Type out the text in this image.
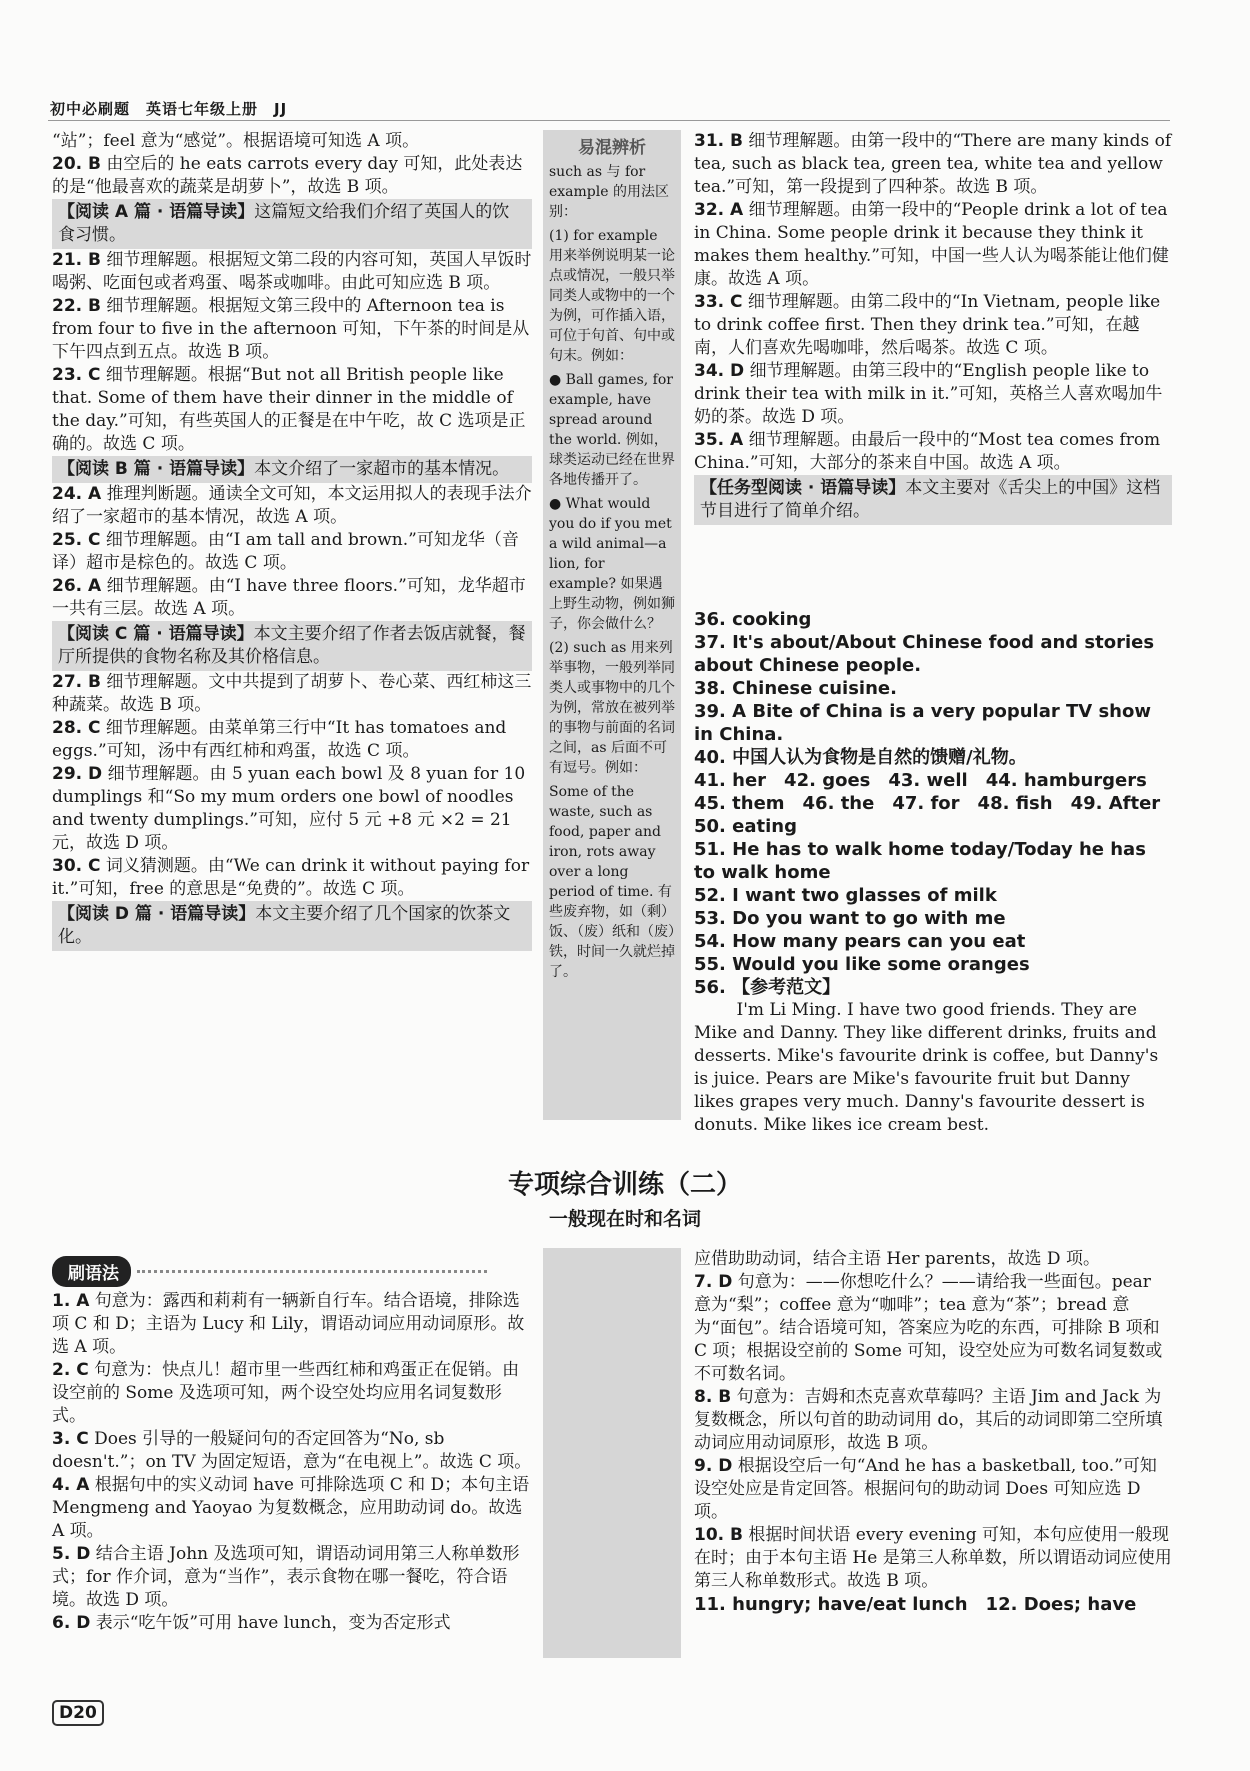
初中必刷题　英语七年级上册　JJ

“站”；feel 意为“感觉”。根据语境可知选 A 项。

20. B 由空后的 he eats carrots every day 可知，此处表达的是“他最喜欢的蔬菜是胡萝卜”，故选 B 项。

【阅读 A 篇 · 语篇导读】这篇短文给我们介绍了英国人的饮食习惯。

21. B 细节理解题。根据短文第二段的内容可知，英国人早饭时喝粥、吃面包或者鸡蛋、喝茶或咖啡。由此可知应选 B 项。

22. B 细节理解题。根据短文第三段中的 Afternoon tea is from four to five in the afternoon 可知，下午茶的时间是从下午四点到五点。故选 B 项。

23. C 细节理解题。根据“But not all British people like that. Some of them have their dinner in the middle of the day.”可知，有些英国人的正餐是在中午吃，故 C 选项是正确的。故选 C 项。

【阅读 B 篇 · 语篇导读】本文介绍了一家超市的基本情况。

24. A 推理判断题。通读全文可知，本文运用拟人的表现手法介绍了一家超市的基本情况，故选 A 项。

25. C 细节理解题。由“I am tall and brown.”可知龙华（音译）超市是棕色的。故选 C 项。

26. A 细节理解题。由“I have three floors.”可知，龙华超市一共有三层。故选 A 项。

【阅读 C 篇 · 语篇导读】本文主要介绍了作者去饭店就餐，餐厅所提供的食物名称及其价格信息。

27. B 细节理解题。文中共提到了胡萝卜、卷心菜、西红柿这三种蔬菜。故选 B 项。

28. C 细节理解题。由菜单第三行中“It has tomatoes and eggs.”可知，汤中有西红柿和鸡蛋，故选 C 项。

29. D 细节理解题。由 5 yuan each bowl 及 8 yuan for 10 dumplings 和“So my mum orders one bowl of noodles and twenty dumplings.”可知，应付 5 元 +8 元 ×2 = 21 元，故选 D 项。

30. C 词义猜测题。由“We can drink it without paying for it.”可知，free 的意思是“免费的”。故选 C 项。

【阅读 D 篇 · 语篇导读】本文主要介绍了几个国家的饮茶文化。

易混辨析

such as 与 for example 的用法区别：

(1) for example 用来举例说明某一论点或情况，一般只举同类人或物中的一个为例，可作插入语，可位于句首、句中或句末。例如：

● Ball games, for example, have spread around the world. 例如，球类运动已经在世界各地传播开了。

● What would you do if you met a wild animal—a lion, for example? 如果遇上野生动物，例如狮子，你会做什么？

(2) such as 用来列举事物，一般列举同类人或事物中的几个为例，常放在被列举的事物与前面的名词之间，as 后面不可有逗号。例如：

Some of the waste, such as food, paper and iron, rots away over a long period of time. 有些废弃物，如（剩）饭、（废）纸和（废）铁，时间一久就烂掉了。

31. B 细节理解题。由第一段中的“There are many kinds of tea, such as black tea, green tea, white tea and yellow tea.”可知，第一段提到了四种茶。故选 B 项。

32. A 细节理解题。由第一段中的“People drink a lot of tea in China. Some people drink it because they think it makes them healthy.”可知，中国一些人认为喝茶能让他们健康。故选 A 项。

33. C 细节理解题。由第二段中的“In Vietnam, people like to drink coffee first. Then they drink tea.”可知，在越南，人们喜欢先喝咖啡，然后喝茶。故选 C 项。

34. D 细节理解题。由第三段中的“English people like to drink their tea with milk in it.”可知，英格兰人喜欢喝加牛奶的茶。故选 D 项。

35. A 细节理解题。由最后一段中的“Most tea comes from China.”可知，大部分的茶来自中国。故选 A 项。

【任务型阅读 · 语篇导读】本文主要对《舌尖上的中国》这档节目进行了简单介绍。

36. cooking

37. It's about/About Chinese food and stories about Chinese people.

38. Chinese cuisine.

39. A Bite of China is a very popular TV show in China.

40. 中国人认为食物是自然的馈赠/礼物。

41. her　42. goes　43. well　44. hamburgers

45. them　46. the　47. for　48. fish　49. After

50. eating

51. He has to walk home today/Today he has to walk home

52. I want two glasses of milk

53. Do you want to go with me

54. How many pears can you eat

55. Would you like some oranges

56. 【参考范文】

I'm Li Ming. I have two good friends. They are Mike and Danny. They like different drinks, fruits and desserts. Mike's favourite drink is coffee, but Danny's is juice. Pears are Mike's favourite fruit but Danny likes grapes very much. Danny's favourite dessert is donuts. Mike likes ice cream best.

专项综合训练（二）
一般现在时和名词
刷语法

1. A 句意为：露西和莉莉有一辆新自行车。结合语境，排除选项 C 和 D；主语为 Lucy 和 Lily，谓语动词应用动词原形。故选 A 项。

2. C 句意为：快点儿！超市里一些西红柿和鸡蛋正在促销。由设空前的 Some 及选项可知，两个设空处均应用名词复数形式。

3. C Does 引导的一般疑问句的否定回答为“No, sb doesn't.”；on TV 为固定短语，意为“在电视上”。故选 C 项。

4. A 根据句中的实义动词 have 可排除选项 C 和 D；本句主语 Mengmeng and Yaoyao 为复数概念，应用助动词 do。故选 A 项。

5. D 结合主语 John 及选项可知，谓语动词用第三人称单数形式；for 作介词，意为“当作”，表示食物在哪一餐吃，符合语境。故选 D 项。

6. D 表示“吃午饭”可用 have lunch，变为否定形式

应借助助动词，结合主语 Her parents，故选 D 项。

7. D 句意为：——你想吃什么？——请给我一些面包。pear 意为“梨”；coffee 意为“咖啡”；tea 意为“茶”；bread 意为“面包”。结合语境可知，答案应为吃的东西，可排除 B 项和 C 项；根据设空前的 Some 可知，设空处应为可数名词复数或不可数名词。

8. B 句意为：吉姆和杰克喜欢草莓吗？主语 Jim and Jack 为复数概念，所以句首的助动词用 do，其后的动词即第二空所填动词应用动词原形，故选 B 项。

9. D 根据设空后一句“And he has a basketball, too.”可知设空处应是肯定回答。根据问句的助动词 Does 可知应选 D 项。

10. B 根据时间状语 every evening 可知，本句应使用一般现在时；由于本句主语 He 是第三人称单数，所以谓语动词应使用第三人称单数形式。故选 B 项。

11. hungry; have/eat lunch　12. Does; have

D20
